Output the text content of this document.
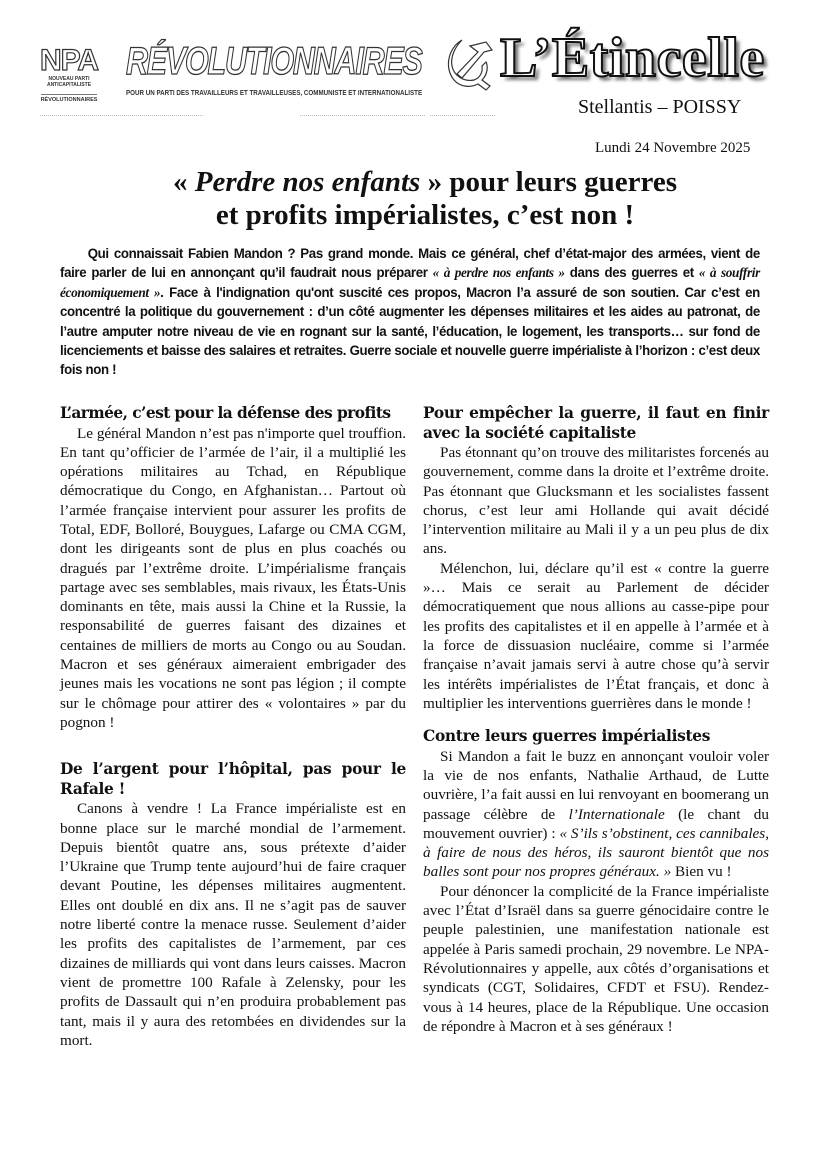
NPA
NOUVEAU PARTI
ANTICAPITALISTE
RÉVOLUTIONNAIRES
RÉVOLUTIONNAIRES
POUR UN PARTI DES TRAVAILLEURS ET TRAVAILLEUSES, COMMUNISTE ET INTERNATIONALISTE
L’Étincelle
Stellantis – POISSY
Lundi 24 Novembre 2025
« Perdre nos enfants » pour leurs guerres
et profits impérialistes, c’est non !
Qui connaissait Fabien Mandon ? Pas grand monde. Mais ce général, chef d’état-major des armées, vient de faire parler de lui en annonçant qu’il faudrait nous préparer « à perdre nos enfants » dans des guerres et « à souffrir économiquement ». Face à l'indignation qu'ont suscité ces propos, Macron l’a assuré de son soutien. Car c’est en concentré la politique du gouvernement : d’un côté augmenter les dépenses militaires et les aides au patronat, de l’autre amputer notre niveau de vie en rognant sur la santé, l’éducation, le logement, les transports… sur fond de licenciements et baisse des salaires et retraites. Guerre sociale et nouvelle guerre impérialiste à l’horizon : c’est deux fois non !
L’armée, c’est pour la défense des profits

Le général Mandon n’est pas n'importe quel trouffion. En tant qu’officier de l’armée de l’air, il a multiplié les opérations militaires au Tchad, en République démocratique du Congo, en Afghanistan… Partout où l’armée française intervient pour assurer les profits de Total, EDF, Bolloré, Bouygues, Lafarge ou CMA CGM, dont les dirigeants sont de plus en plus coachés ou dragués par l’extrême droite. L’impérialisme français partage avec ses semblables, mais rivaux, les États-Unis dominants en tête, mais aussi la Chine et la Russie, la responsabilité de guerres faisant des dizaines et centaines de milliers de morts au Congo ou au Soudan. Macron et ses généraux aimeraient embrigader des jeunes mais les vocations ne sont pas légion ; il compte sur le chômage pour attirer des « volontaires » par du pognon !

De l’argent pour l’hôpital, pas pour le Rafale !

Canons à vendre ! La France impérialiste est en bonne place sur le marché mondial de l’armement. Depuis bientôt quatre ans, sous prétexte d’aider l’Ukraine que Trump tente aujourd’hui de faire craquer devant Poutine, les dépenses militaires augmentent. Elles ont doublé en dix ans. Il ne s’agit pas de sauver notre liberté contre la menace russe. Seulement d’aider les profits des capitalistes de l’armement, par ces dizaines de milliards qui vont dans leurs caisses. Macron vient de promettre 100 Rafale à Zelensky, pour les profits de Dassault qui n’en produira probablement pas tant, mais il y aura des retombées en dividendes sur la mort.

Pour empêcher la guerre, il faut en finir avec la société capitaliste

Pas étonnant qu’on trouve des militaristes forcenés au gouvernement, comme dans la droite et l’extrême droite. Pas étonnant que Glucksmann et les socialistes fassent chorus, c’est leur ami Hollande qui avait décidé l’intervention militaire au Mali il y a un peu plus de dix ans.

Mélenchon, lui, déclare qu’il est « contre la guerre »… Mais ce serait au Parlement de décider démocratiquement que nous allions au casse-pipe pour les profits des capitalistes et il en appelle à l’armée et à la force de dissuasion nucléaire, comme si l’armée française n’avait jamais servi à autre chose qu’à servir les intérêts impérialistes de l’État français, et donc à multiplier les interventions guerrières dans le monde !

Contre leurs guerres impérialistes

Si Mandon a fait le buzz en annonçant vouloir voler la vie de nos enfants, Nathalie Arthaud, de Lutte ouvrière, l’a fait aussi en lui renvoyant en boomerang un passage célèbre de l’Internationale (le chant du mouvement ouvrier) : « S’ils s’obstinent, ces cannibales, à faire de nous des héros, ils sauront bientôt que nos balles sont pour nos propres généraux. » Bien vu !

Pour dénoncer la complicité de la France impérialiste avec l’État d’Israël dans sa guerre génocidaire contre le peuple palestinien, une manifestation nationale est appelée à Paris samedi prochain, 29 novembre. Le NPA-Révolutionnaires y appelle, aux côtés d’organisations et syndicats (CGT, Solidaires, CFDT et FSU). Rendez-vous à 14 heures, place de la République. Une occasion de répondre à Macron et à ses généraux !
